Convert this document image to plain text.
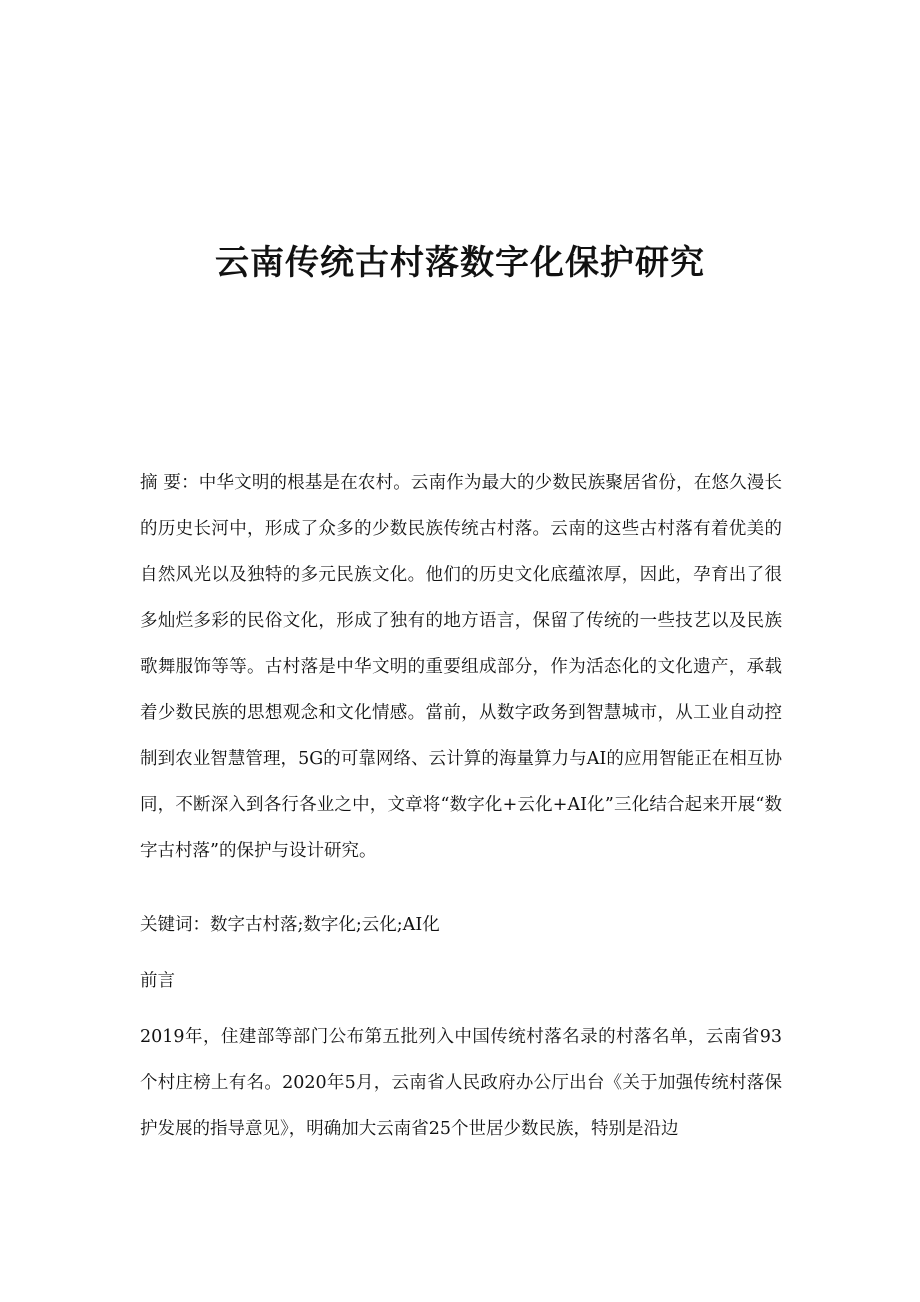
云南传统古村落数字化保护研究

摘 要：中华文明的根基是在农村。云南作为最大的少数民族聚居省份，在悠久漫长的历史长河中，形成了众多的少数民族传统古村落。云南的这些古村落有着优美的自然风光以及独特的多元民族文化。他们的历史文化底蕴浓厚，因此，孕育出了很多灿烂多彩的民俗文化，形成了独有的地方语言，保留了传统的一些技艺以及民族歌舞服饰等等。古村落是中华文明的重要组成部分，作为活态化的文化遗产，承载着少数民族的思想观念和文化情感。當前，从数字政务到智慧城市，从工业自动控制到农业智慧管理，5G的可靠网络、云计算的海量算力与AI的应用智能正在相互协同，不断深入到各行各业之中，文章将“数字化+云化+AI化”三化结合起来开展“数字古村落”的保护与设计研究。

关键词：数字古村落;数字化;云化;AI化

前言

2019年，住建部等部门公布第五批列入中国传统村落名录的村落名单，云南省93个村庄榜上有名。2020年5月，云南省人民政府办公厅出台《关于加强传统村落保护发展的指导意见》，明确加大云南省25个世居少数民族，特别是沿边
